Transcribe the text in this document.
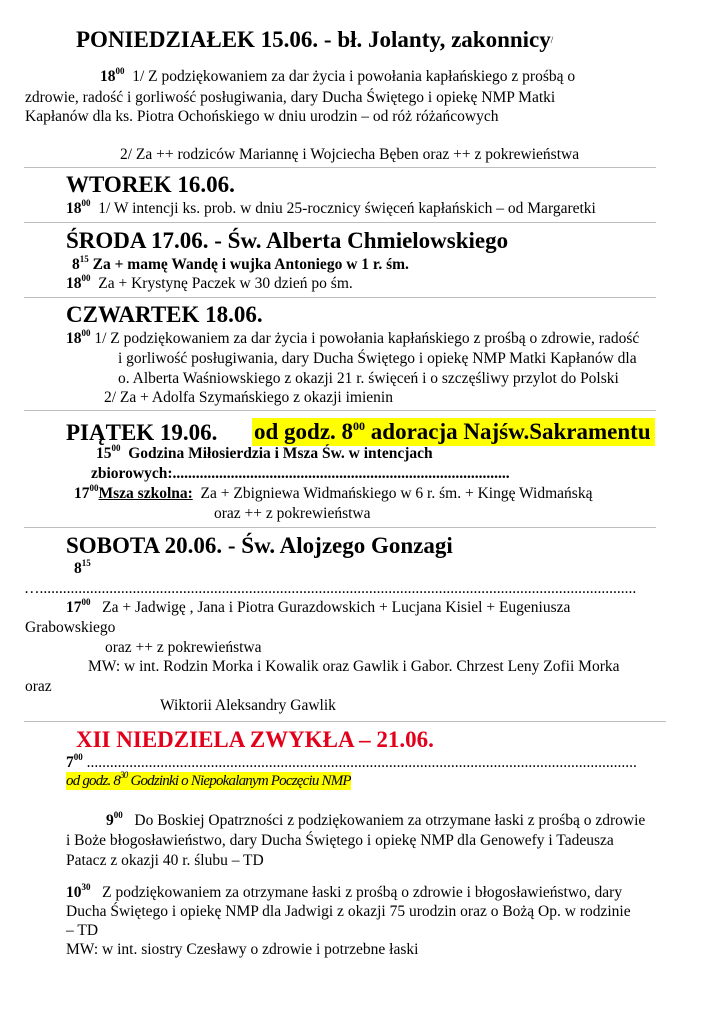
PONIEDZIAŁEK 15.06. - bł. Jolanty, zakonnicy/
$18^{00}$ 1/ Z podziękowaniem za dar życia i powołania kapłańskiego z prośbą o
zdrowie, radość i gorliwość posługiwania, dary Ducha Świętego i opiekę NMP Matki
Kapłanów dla ks. Piotra Ochońskiego w dniu urodzin – od róż różańcowych
2/ Za ++ rodziców Mariannę i Wojciecha Bęben oraz ++ z pokrewieństwa
WTOREK 16.06.
$18^{00}$ 1/ W intencji ks. prob. w dniu 25-rocznicy święceń kapłańskich – od Margaretki
ŚRODA 17.06. - Św. Alberta Chmielowskiego
$8^{15}$ Za + mamę Wandę i wujka Antoniego w 1 r. śm.
$18^{00}$ Za + Krystynę Paczek w 30 dzień po śm.
CZWARTEK 18.06.
$18^{00}$ 1/ Z podziękowaniem za dar życia i powołania kapłańskiego z prośbą o zdrowie, radość
i gorliwość posługiwania, dary Ducha Świętego i opiekę NMP Matki Kapłanów dla
o. Alberta Waśniowskiego z okazji 21 r. święceń i o szczęśliwy przylot do Polski
2/ Za + Adolfa Szymańskiego z okazji imienin
PIĄTEK 19.06. od godz. $8^{00}$ adoracja Najśw.Sakramentu
$15^{00}$ Godzina Miłosierdzia i Msza Św. w intencjach
zbiorowych:.......................................................................................
$17^{00}Msza$ szkolna: Za + Zbigniewa Widmańskiego w 6 r. śm. + Kingę Widmańską
oraz ++ z pokrewieństwa
SOBOTA 20.06. - Św. Alojzego Gonzagi
$8^{15}$
…..........................................................................................................................................................
$17^{00}$ Za + Jadwigę , Jana i Piotra Gurazdowskich + Lucjana Kisiel + Eugeniusza
Grabowskiego
oraz ++ z pokrewieństwa
MW: w int. Rodzin Morka i Kowalik oraz Gawlik i Gabor. Chrzest Leny Zofii Morka
oraz
Wiktorii Aleksandry Gawlik
XII NIEDZIELA ZWYKŁA – 21.06.
$7^{00}$ ..............................................................................................................................................
od godz. $8^{30}$ Godzinki o Niepokalanym Poczęciu NMP
$9^{00}$ Do Boskiej Opatrzności z podziękowaniem za otrzymane łaski z prośbą o zdrowie
i Boże błogosławieństwo, dary Ducha Świętego i opiekę NMP dla Genowefy i Tadeusza
Patacz z okazji 40 r. ślubu – TD
$10^{30}$ Z podziękowaniem za otrzymane łaski z prośbą o zdrowie i błogosławieństwo, dary
Ducha Świętego i opiekę NMP dla Jadwigi z okazji 75 urodzin oraz o Bożą Op. w rodzinie
– TD
MW: w int. siostry Czesławy o zdrowie i potrzebne łaski
